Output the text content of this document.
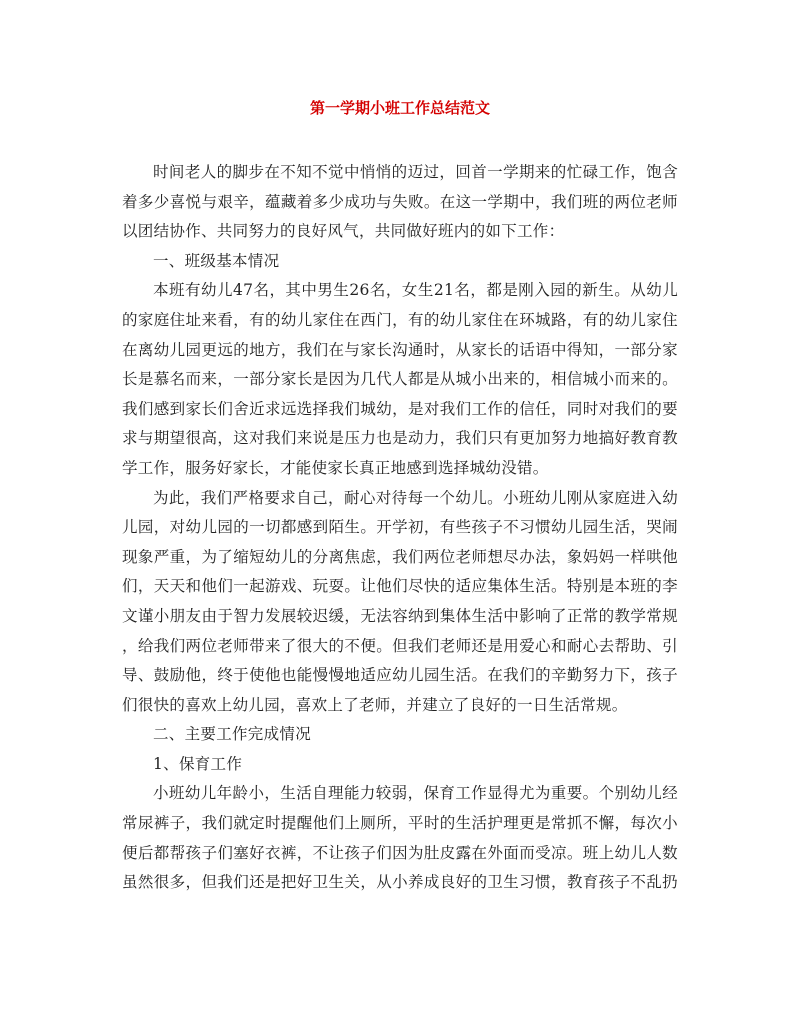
第一学期小班工作总结范文
时间老人的脚步在不知不觉中悄悄的迈过，回首一学期来的忙碌工作，饱含
着多少喜悦与艰辛，蕴藏着多少成功与失败。在这一学期中，我们班的两位老师
以团结协作、共同努力的良好风气，共同做好班内的如下工作：
一、班级基本情况
本班有幼儿47名，其中男生26名，女生21名，都是刚入园的新生。从幼儿
的家庭住址来看，有的幼儿家住在西门，有的幼儿家住在环城路，有的幼儿家住
在离幼儿园更远的地方，我们在与家长沟通时，从家长的话语中得知，一部分家
长是慕名而来，一部分家长是因为几代人都是从城小出来的，相信城小而来的。
我们感到家长们舍近求远选择我们城幼，是对我们工作的信任，同时对我们的要
求与期望很高，这对我们来说是压力也是动力，我们只有更加努力地搞好教育教
学工作，服务好家长，才能使家长真正地感到选择城幼没错。
为此，我们严格要求自己，耐心对待每一个幼儿。小班幼儿刚从家庭进入幼
儿园，对幼儿园的一切都感到陌生。开学初，有些孩子不习惯幼儿园生活，哭闹
现象严重，为了缩短幼儿的分离焦虑，我们两位老师想尽办法，象妈妈一样哄他
们，天天和他们一起游戏、玩耍。让他们尽快的适应集体生活。特别是本班的李
文谨小朋友由于智力发展较迟缓，无法容纳到集体生活中影响了正常的教学常规
，给我们两位老师带来了很大的不便。但我们老师还是用爱心和耐心去帮助、引
导、鼓励他，终于使他也能慢慢地适应幼儿园生活。在我们的辛勤努力下，孩子
们很快的喜欢上幼儿园，喜欢上了老师，并建立了良好的一日生活常规。
二、主要工作完成情况
1、保育工作
小班幼儿年龄小，生活自理能力较弱，保育工作显得尤为重要。个别幼儿经
常尿裤子，我们就定时提醒他们上厕所，平时的生活护理更是常抓不懈，每次小
便后都帮孩子们塞好衣裤，不让孩子们因为肚皮露在外面而受凉。班上幼儿人数
虽然很多，但我们还是把好卫生关，从小养成良好的卫生习惯，教育孩子不乱扔
